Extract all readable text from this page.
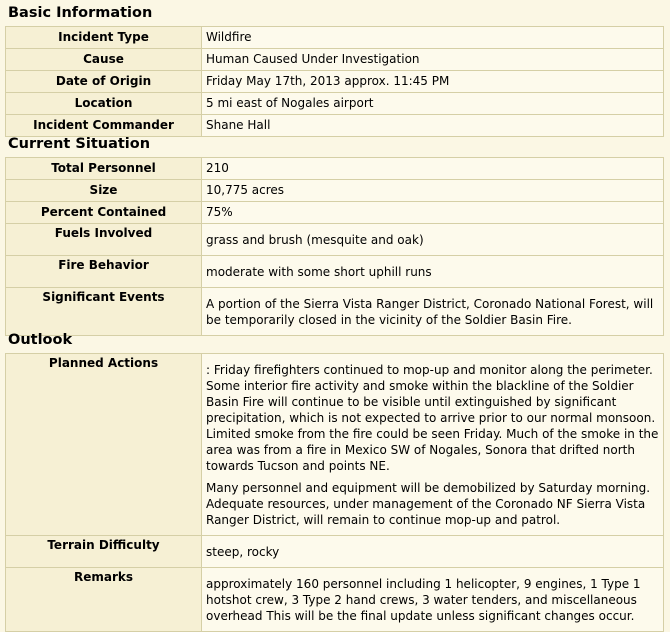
Basic Information
Incident Type	Wildfire
Cause	Human Caused Under Investigation
Date of Origin	Friday May 17th, 2013 approx. 11:45 PM
Location	5 mi east of Nogales airport
Incident Commander	Shane Hall
Current Situation
Total Personnel	210
Size	10,775 acres
Percent Contained	75%
Fuels Involved	grass and brush (mesquite and oak)
Fire Behavior	moderate with some short uphill runs
Significant Events	A portion of the Sierra Vista Ranger District, Coronado National Forest, will be temporarily closed in the vicinity of the Soldier Basin Fire.
Outlook
Planned Actions	: Friday firefighters continued to mop-up and monitor along the perimeter. Some interior fire activity and smoke within the blackline of the Soldier Basin Fire will continue to be visible until extinguished by significant precipitation, which is not expected to arrive prior to our normal monsoon. Limited smoke from the fire could be seen Friday. Much of the smoke in the area was from a fire in Mexico SW of Nogales, Sonora that drifted north towards Tucson and points NE.

Many personnel and equipment will be demobilized by Saturday morning. Adequate resources, under management of the Coronado NF Sierra Vista Ranger District, will remain to continue mop-up and patrol.

Terrain Difficulty	steep, rocky
Remarks	approximately 160 personnel including 1 helicopter, 9 engines, 1 Type 1 hotshot crew, 3 Type 2 hand crews, 3 water tenders, and miscellaneous overhead This will be the final update unless significant changes occur.
